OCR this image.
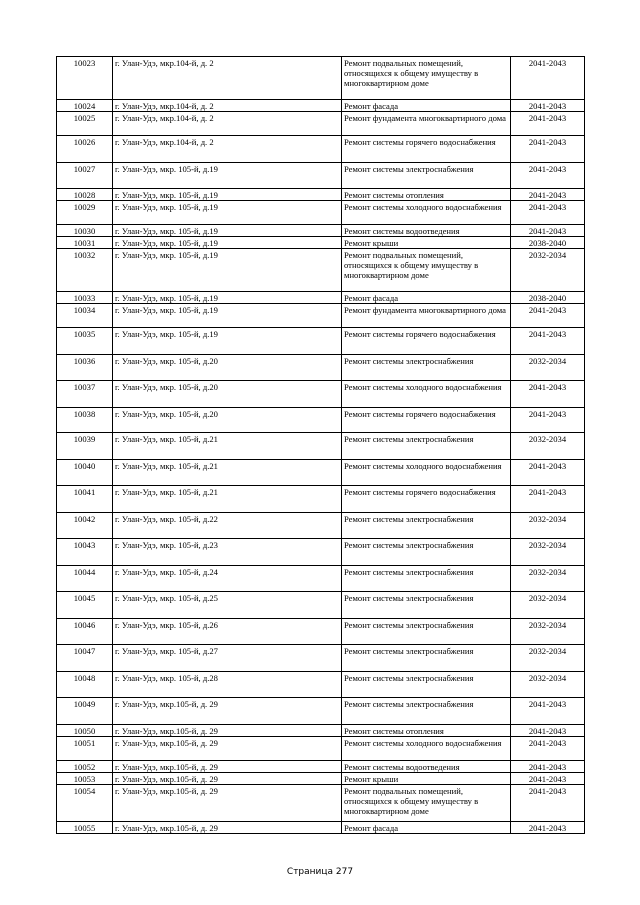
10023	г. Улан-Удэ, мкр.104-й, д. 2	Ремонт подвальных помещений, относящихся к общему имуществу в многоквартирном доме	2041-2043
10024	г. Улан-Удэ, мкр.104-й, д. 2	Ремонт фасада	2041-2043
10025	г. Улан-Удэ, мкр.104-й, д. 2	Ремонт фундамента многоквартирного дома	2041-2043
10026	г. Улан-Удэ, мкр.104-й, д. 2	Ремонт системы горячего водоснабжения	2041-2043
10027	г. Улан-Удэ, мкр. 105-й, д.19	Ремонт системы электроснабжения	2041-2043
10028	г. Улан-Удэ, мкр. 105-й, д.19	Ремонт системы отопления	2041-2043
10029	г. Улан-Удэ, мкр. 105-й, д.19	Ремонт системы холодного водоснабжения	2041-2043
10030	г. Улан-Удэ, мкр. 105-й, д.19	Ремонт системы водоотведения	2041-2043
10031	г. Улан-Удэ, мкр. 105-й, д.19	Ремонт крыши	2038-2040
10032	г. Улан-Удэ, мкр. 105-й, д.19	Ремонт подвальных помещений, относящихся к общему имуществу в многоквартирном доме	2032-2034
10033	г. Улан-Удэ, мкр. 105-й, д.19	Ремонт фасада	2038-2040
10034	г. Улан-Удэ, мкр. 105-й, д.19	Ремонт фундамента многоквартирного дома	2041-2043
10035	г. Улан-Удэ, мкр. 105-й, д.19	Ремонт системы горячего водоснабжения	2041-2043
10036	г. Улан-Удэ, мкр. 105-й, д.20	Ремонт системы электроснабжения	2032-2034
10037	г. Улан-Удэ, мкр. 105-й, д.20	Ремонт системы холодного водоснабжения	2041-2043
10038	г. Улан-Удэ, мкр. 105-й, д.20	Ремонт системы горячего водоснабжения	2041-2043
10039	г. Улан-Удэ, мкр. 105-й, д.21	Ремонт системы электроснабжения	2032-2034
10040	г. Улан-Удэ, мкр. 105-й, д.21	Ремонт системы холодного водоснабжения	2041-2043
10041	г. Улан-Удэ, мкр. 105-й, д.21	Ремонт системы горячего водоснабжения	2041-2043
10042	г. Улан-Удэ, мкр. 105-й, д.22	Ремонт системы электроснабжения	2032-2034
10043	г. Улан-Удэ, мкр. 105-й, д.23	Ремонт системы электроснабжения	2032-2034
10044	г. Улан-Удэ, мкр. 105-й, д.24	Ремонт системы электроснабжения	2032-2034
10045	г. Улан-Удэ, мкр. 105-й, д.25	Ремонт системы электроснабжения	2032-2034
10046	г. Улан-Удэ, мкр. 105-й, д.26	Ремонт системы электроснабжения	2032-2034
10047	г. Улан-Удэ, мкр. 105-й, д.27	Ремонт системы электроснабжения	2032-2034
10048	г. Улан-Удэ, мкр. 105-й, д.28	Ремонт системы электроснабжения	2032-2034
10049	г. Улан-Удэ, мкр.105-й, д. 29	Ремонт системы электроснабжения	2041-2043
10050	г. Улан-Удэ, мкр.105-й, д. 29	Ремонт системы отопления	2041-2043
10051	г. Улан-Удэ, мкр.105-й, д. 29	Ремонт системы холодного водоснабжения	2041-2043
10052	г. Улан-Удэ, мкр.105-й, д. 29	Ремонт системы водоотведения	2041-2043
10053	г. Улан-Удэ, мкр.105-й, д. 29	Ремонт крыши	2041-2043
10054	г. Улан-Удэ, мкр.105-й, д. 29	Ремонт подвальных помещений, относящихся к общему имуществу в многоквартирном доме	2041-2043
10055	г. Улан-Удэ, мкр.105-й, д. 29	Ремонт фасада	2041-2043
Страница 277
